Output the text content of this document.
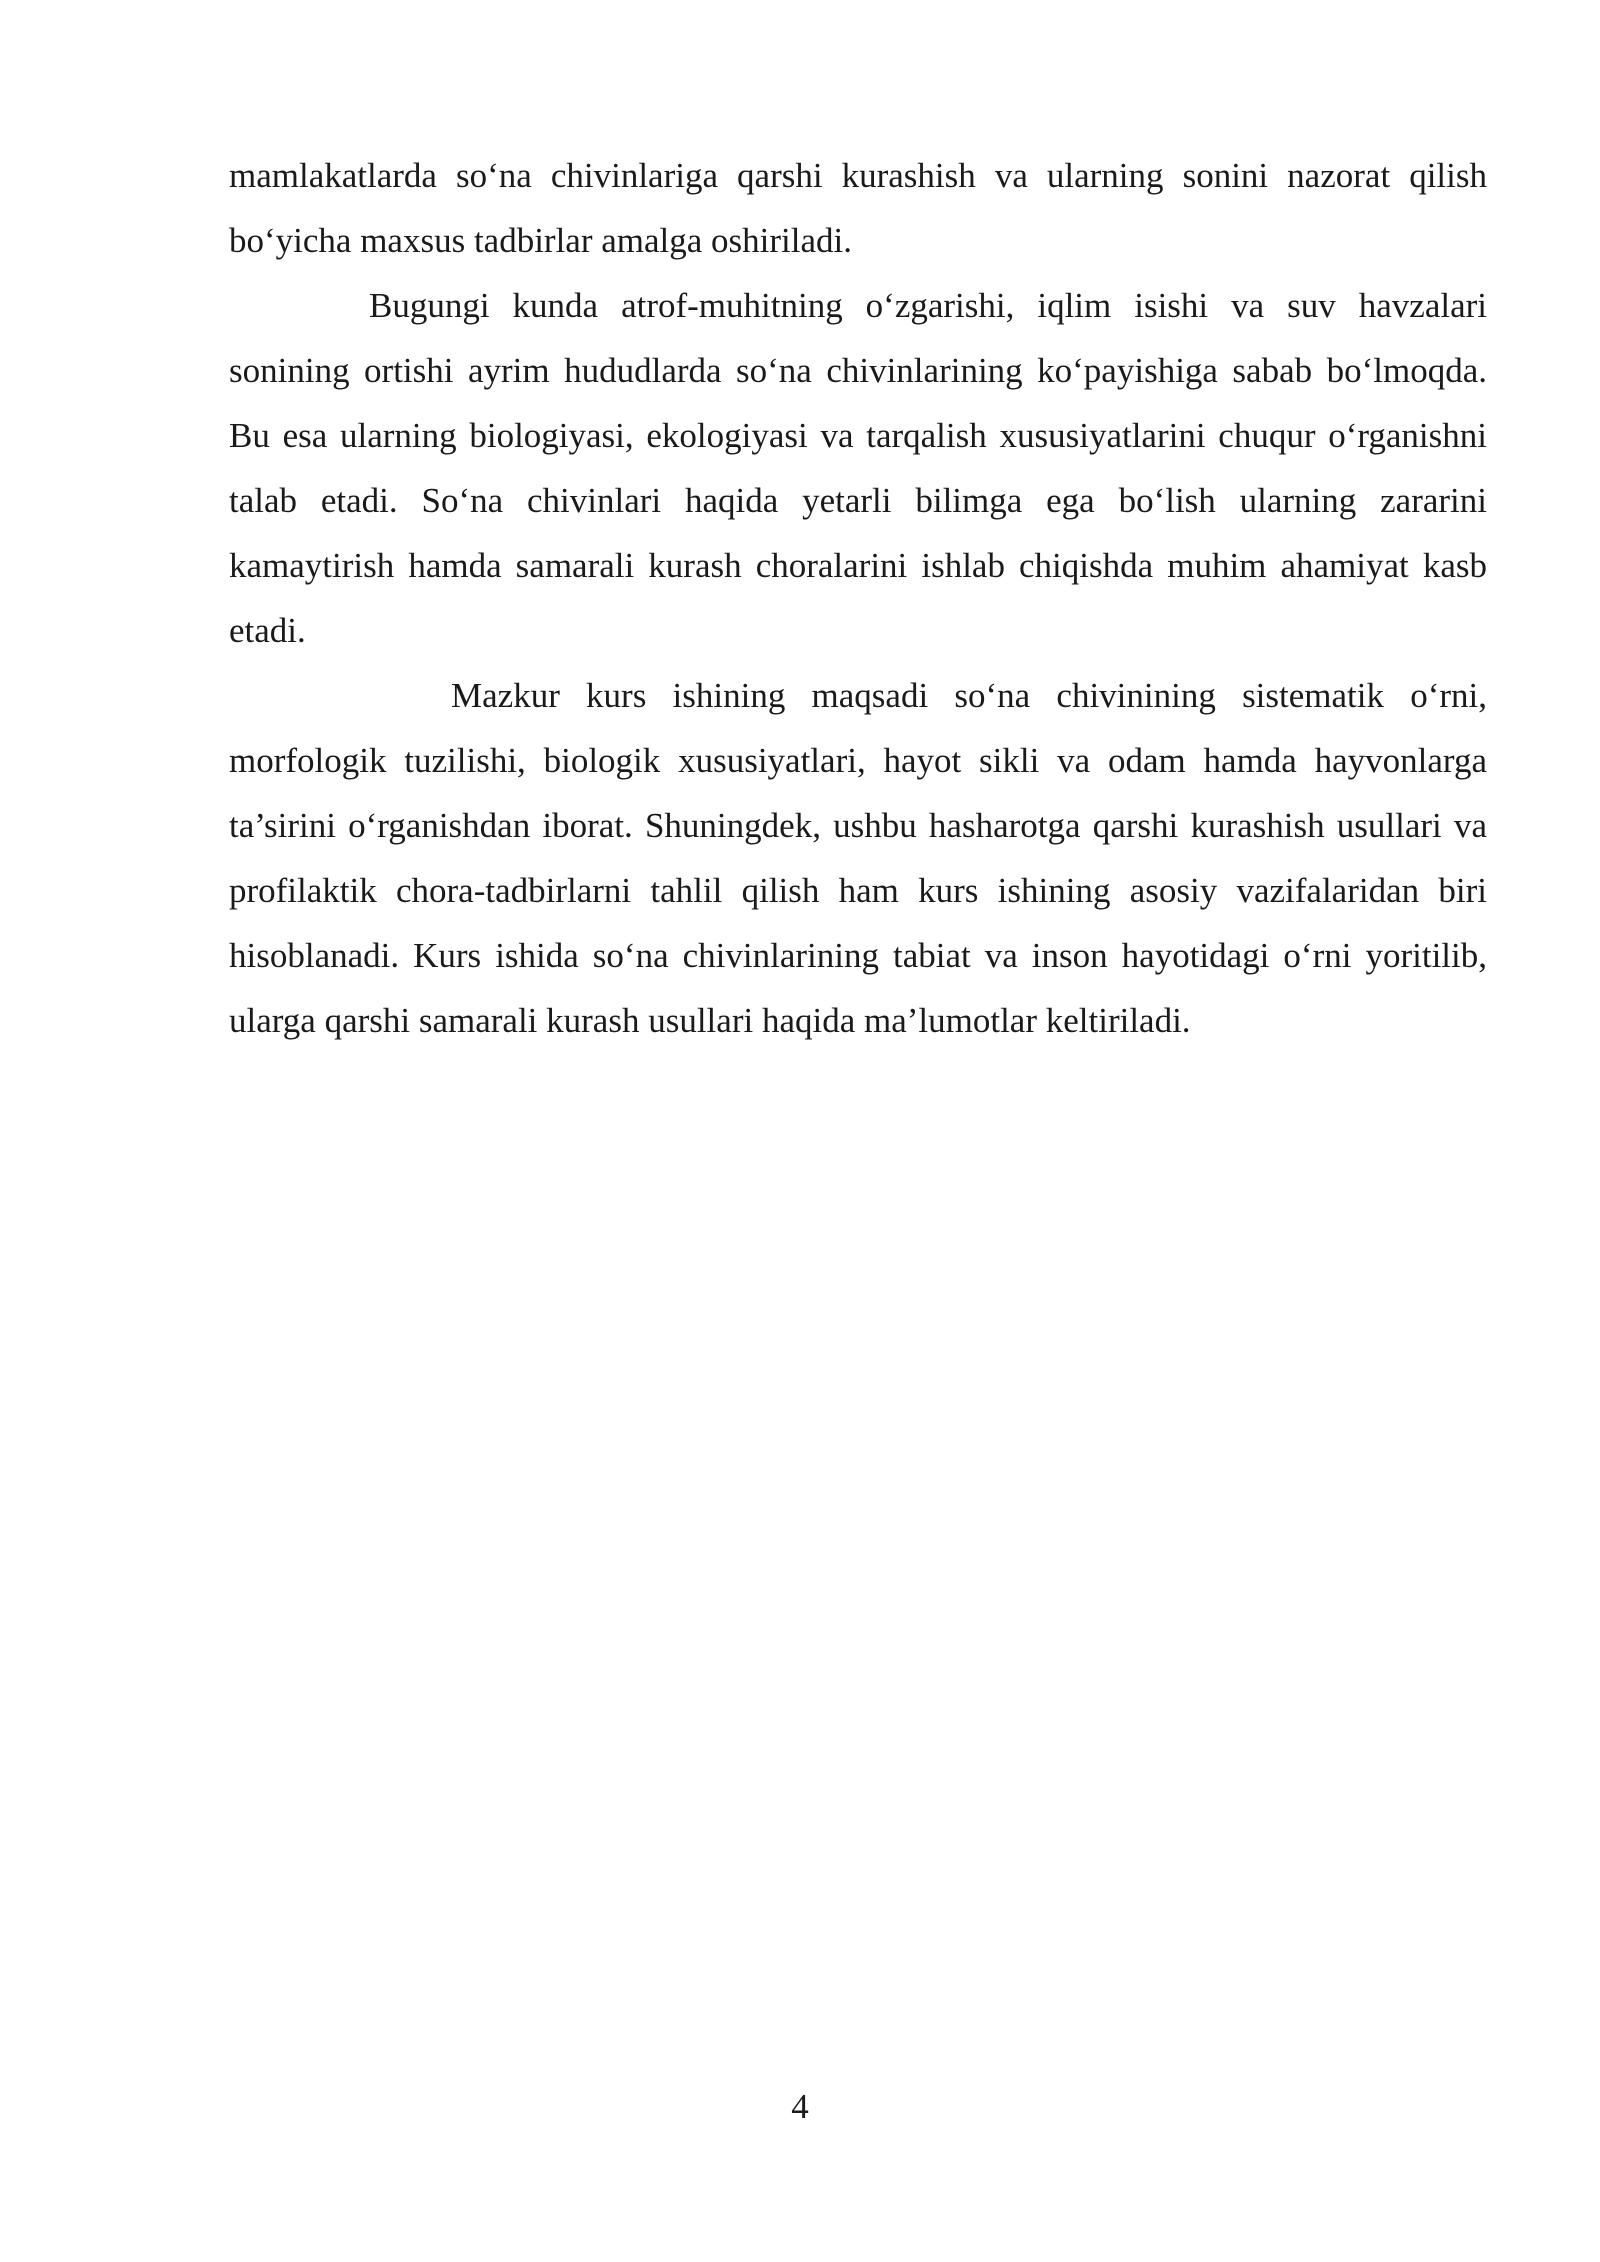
mamlakatlarda so‘na chivinlariga qarshi kurashish va ularning sonini nazorat qilish bo‘yicha maxsus tadbirlar amalga oshiriladi.

Bugungi kunda atrof-muhitning o‘zgarishi, iqlim isishi va suv havzalari sonining ortishi ayrim hududlarda so‘na chivinlarining ko‘payishiga sabab bo‘lmoqda. Bu esa ularning biologiyasi, ekologiyasi va tarqalish xususiyatlarini chuqur o‘rganishni talab etadi. So‘na chivinlari haqida yetarli bilimga ega bo‘lish ularning zararini kamaytirish hamda samarali kurash choralarini ishlab chiqishda muhim ahamiyat kasb etadi.

Mazkur kurs ishining maqsadi so‘na chivinining sistematik o‘rni, morfologik tuzilishi, biologik xususiyatlari, hayot sikli va odam hamda hayvonlarga ta’sirini o‘rganishdan iborat. Shuningdek, ushbu hasharotga qarshi kurashish usullari va profilaktik chora-tadbirlarni tahlil qilish ham kurs ishining asosiy vazifalaridan biri hisoblanadi. Kurs ishida so‘na chivinlarining tabiat va inson hayotidagi o‘rni yoritilib, ularga qarshi samarali kurash usullari haqida ma’lumotlar keltiriladi.

4
